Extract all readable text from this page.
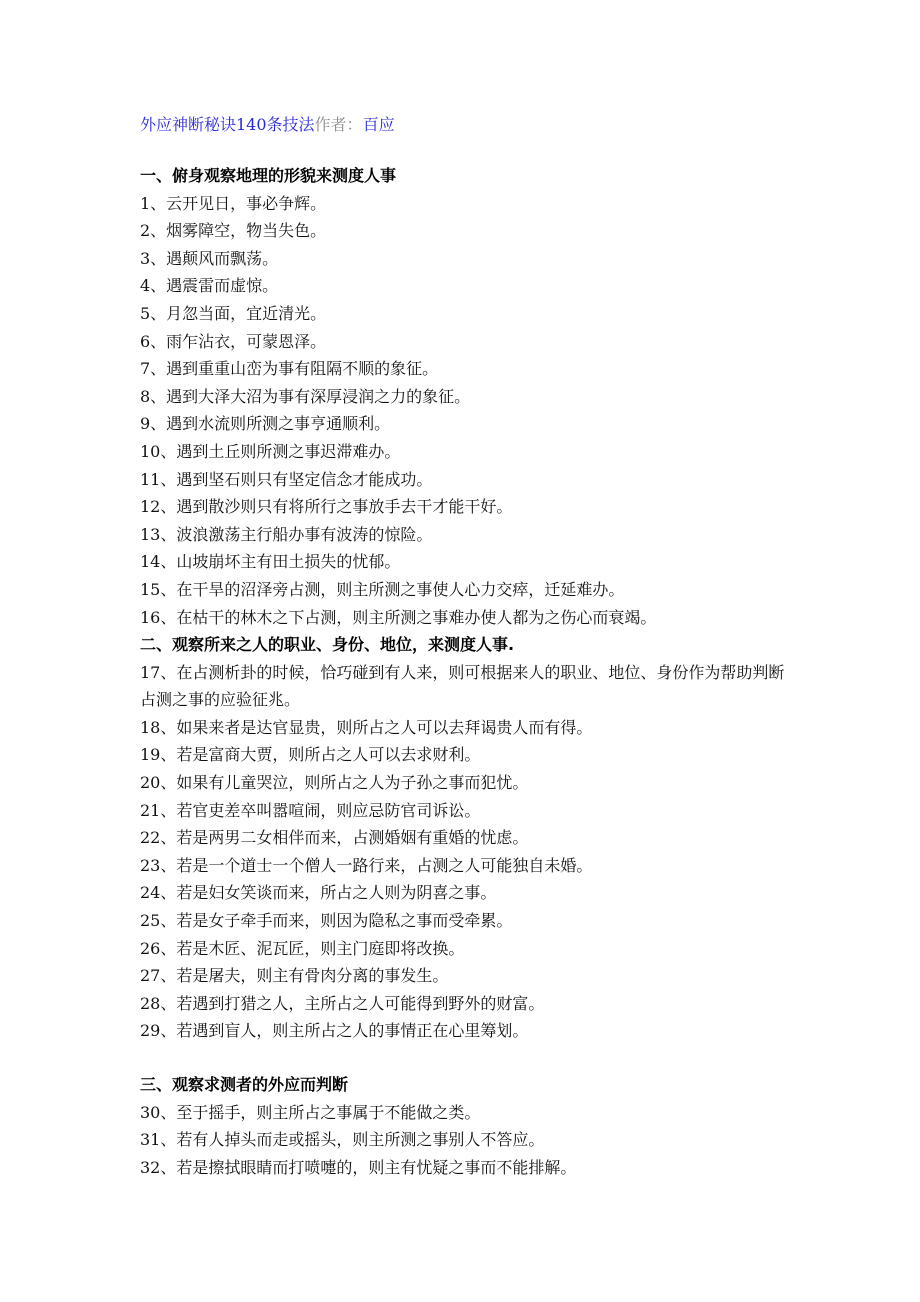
外应神断秘诀140条技法作者：百应
一、俯身观察地理的形貌来测度人事
1、云开见日，事必争辉。
2、烟雾障空，物当失色。
3、遇颠风而飘荡。
4、遇震雷而虚惊。
5、月忽当面，宜近清光。
6、雨乍沾衣，可蒙恩泽。
7、遇到重重山峦为事有阻隔不顺的象征。
8、遇到大泽大沼为事有深厚浸润之力的象征。
9、遇到水流则所测之事亨通顺利。
10、遇到土丘则所测之事迟滞难办。
11、遇到坚石则只有坚定信念才能成功。
12、遇到散沙则只有将所行之事放手去干才能干好。
13、波浪激荡主行船办事有波涛的惊险。
14、山坡崩坏主有田土损失的忧郁。
15、在干旱的沼泽旁占测，则主所测之事使人心力交瘁，迁延难办。
16、在枯干的林木之下占测，则主所测之事难办使人都为之伤心而衰竭。
二、观察所来之人的职业、身份、地位，来测度人事.
17、在占测析卦的时候，恰巧碰到有人来，则可根据来人的职业、地位、身份作为帮助判断占测之事的应验征兆。
18、如果来者是达官显贵，则所占之人可以去拜谒贵人而有得。
19、若是富商大贾，则所占之人可以去求财利。
20、如果有儿童哭泣，则所占之人为子孙之事而犯忧。
21、若官吏差卒叫嚣喧闹，则应忌防官司诉讼。
22、若是两男二女相伴而来，占测婚姻有重婚的忧虑。
23、若是一个道士一个僧人一路行来，占测之人可能独自未婚。
24、若是妇女笑谈而来，所占之人则为阴喜之事。
25、若是女子牵手而来，则因为隐私之事而受牵累。
26、若是木匠、泥瓦匠，则主门庭即将改换。
27、若是屠夫，则主有骨肉分离的事发生。
28、若遇到打猎之人，主所占之人可能得到野外的财富。
29、若遇到盲人，则主所占之人的事情正在心里筹划。
三、观察求测者的外应而判断
30、至于摇手，则主所占之事属于不能做之类。
31、若有人掉头而走或摇头，则主所测之事别人不答应。
32、若是擦拭眼睛而打喷嚏的，则主有忧疑之事而不能排解。
